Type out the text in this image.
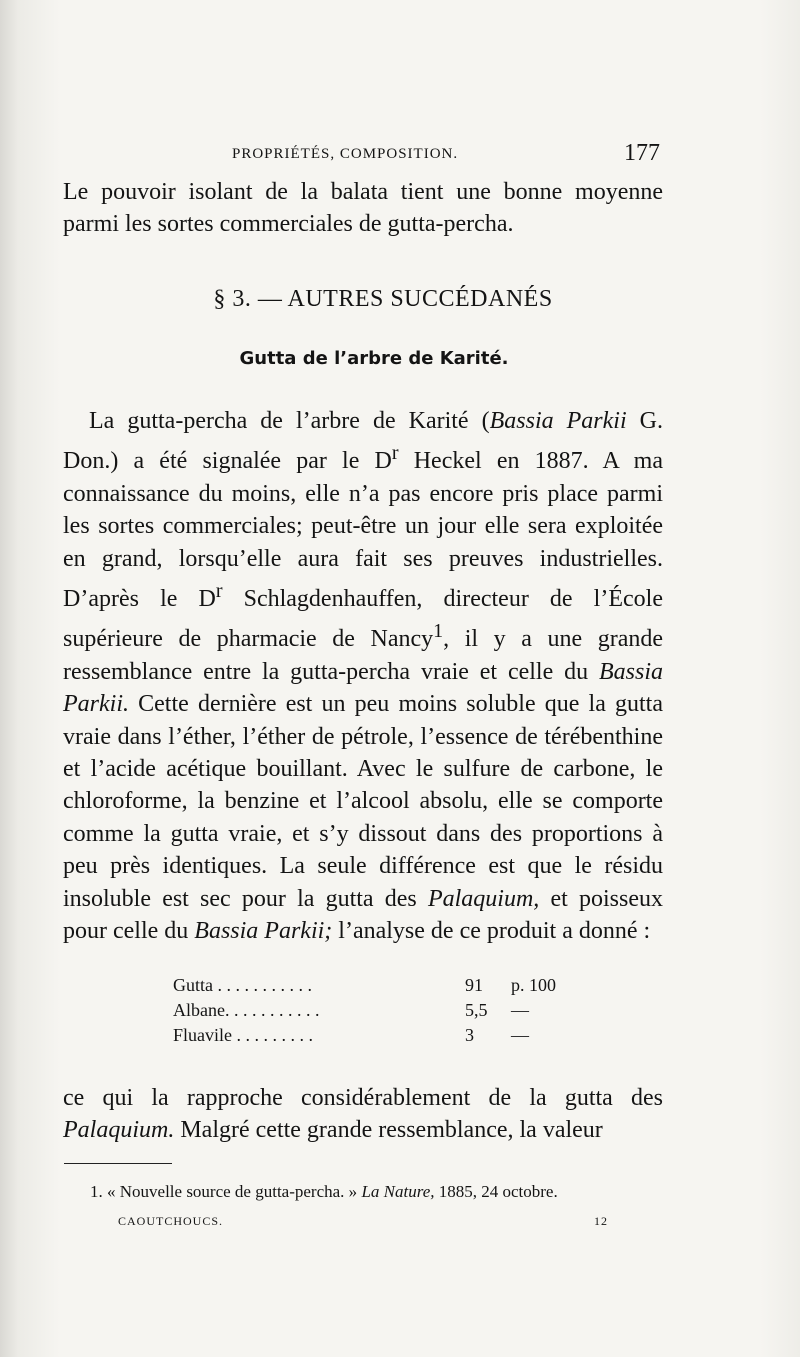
PROPRIÉTÉS, COMPOSITION.	177

Le pouvoir isolant de la balata tient une bonne moyenne parmi les sortes commerciales de gutta-percha.

§ 3. — AUTRES SUCCÉDANÉS
Gutta de l’arbre de Karité.

La gutta-percha de l’arbre de Karité (Bassia Parkii G. Don.) a été signalée par le $D^r$ Heckel en 1887. A ma connaissance du moins, elle n’a pas encore pris place parmi les sortes commerciales; peut-être un jour elle sera exploitée en grand, lorsqu’elle aura fait ses preuves industrielles. D’après le $D^r$ Schlagdenhauffen, directeur de l’École supérieure de pharmacie de Nancy$^1$, il y a une grande ressemblance entre la gutta-percha vraie et celle du Bassia Parkii. Cette dernière est un peu moins soluble que la gutta vraie dans l’éther, l’éther de pétrole, l’essence de térébenthine et l’acide acétique bouillant. Avec le sulfure de carbone, le chloroforme, la benzine et l’alcool absolu, elle se comporte comme la gutta vraie, et s’y dissout dans des proportions à peu près identiques. La seule différence est que le résidu insoluble est sec pour la gutta des Palaquium, et poisseux pour celle du Bassia Parkii; l’analyse de ce produit a donné :

Gutta . . . . . . . . . . .	91	p. 100
Albane. . . . . . . . . . .	5,5	—
Fluavile . . . . . . . . .	3	—

ce qui la rapproche considérablement de la gutta des Palaquium. Malgré cette grande ressemblance, la valeur

1. « Nouvelle source de gutta-percha. » La Nature, 1885, 24 octobre.
CAOUTCHOUCS.	12
